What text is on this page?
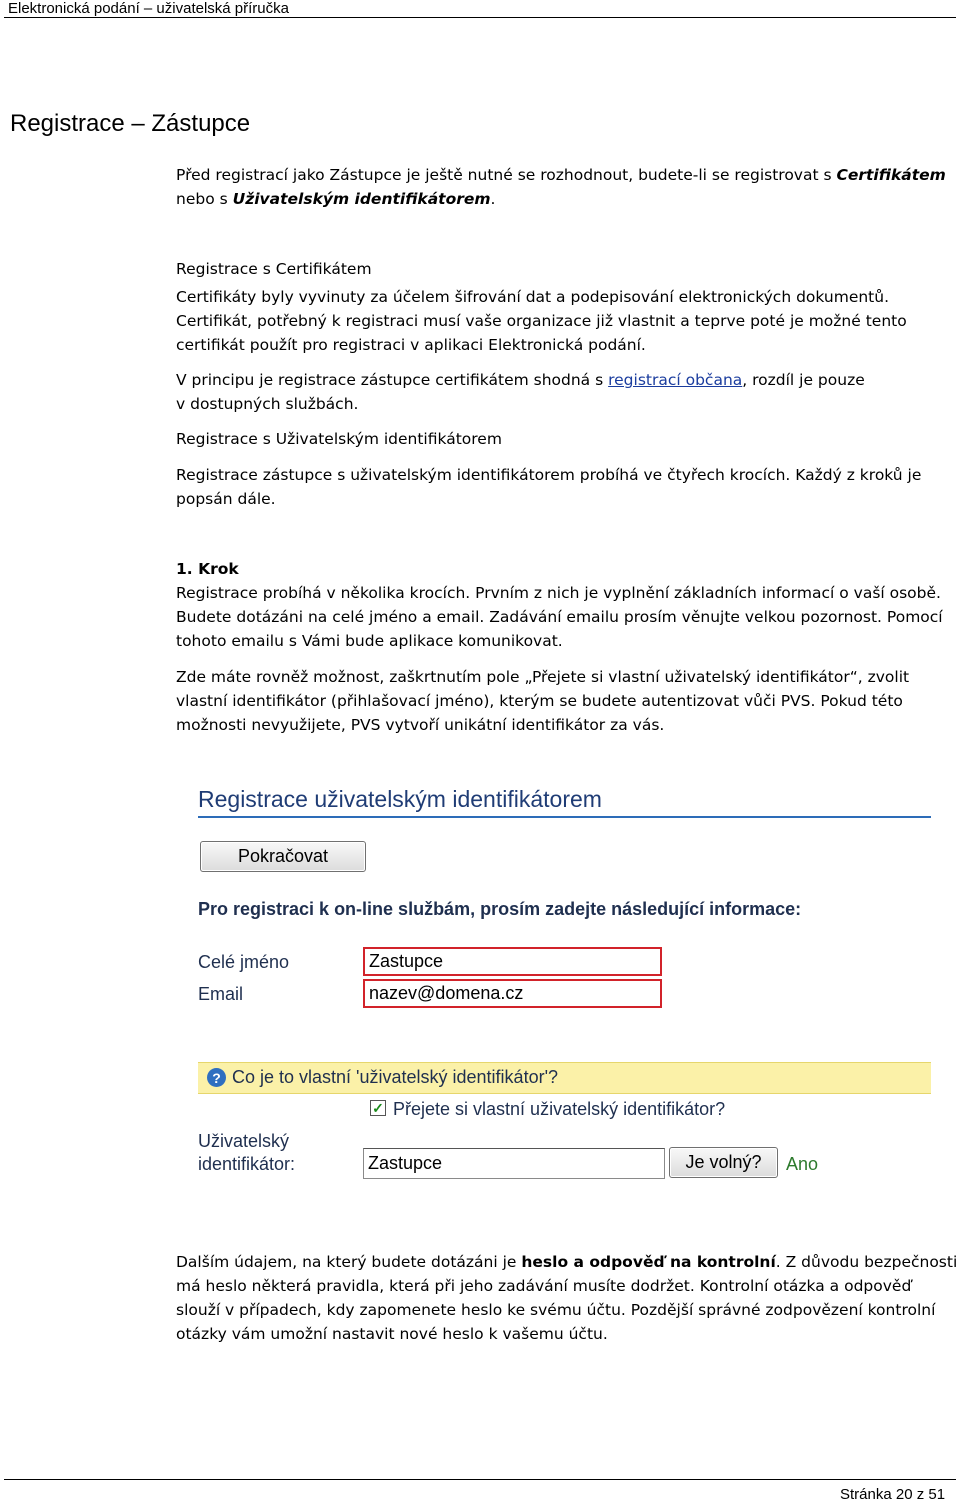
Elektronická podání – uživatelská příručka
Registrace – Zástupce
Před registrací jako Zástupce je ještě nutné se rozhodnout, budete-li se registrovat s Certifikátem
nebo s Uživatelským identifikátorem.
Registrace s Certifikátem
Certifikáty byly vyvinuty za účelem šifrování dat a podepisování elektronických dokumentů.
Certifikát, potřebný k registraci musí vaše organizace již vlastnit a teprve poté je možné tento
certifikát použít pro registraci v aplikaci Elektronická podání.
V principu je registrace zástupce certifikátem shodná s registrací občana, rozdíl je pouze
v dostupných službách.
Registrace s Uživatelským identifikátorem
Registrace zástupce s uživatelským identifikátorem probíhá ve čtyřech krocích. Každý z kroků je
popsán dále.
1. Krok
Registrace probíhá v několika krocích. Prvním z nich je vyplnění základních informací o vaší osobě.
Budete dotázáni na celé jméno a email. Zadávání emailu prosím věnujte velkou pozornost. Pomocí
tohoto emailu s Vámi bude aplikace komunikovat.
Zde máte rovněž možnost, zaškrtnutím pole „Přejete si vlastní uživatelský identifikátor“, zvolit
vlastní identifikátor (přihlašovací jméno), kterým se budete autentizovat vůči PVS. Pokud této
možnosti nevyužijete, PVS vytvoří unikátní identifikátor za vás.
Registrace uživatelským identifikátorem
Pokračovat
Pro registraci k on-line službám, prosím zadejte následující informace:
Celé jméno
Zastupce
Email
nazev@domena.cz
? Co je to vlastní 'uživatelský identifikátor'?
✓ Přejete si vlastní uživatelský identifikátor?
Uživatelský
identifikátor:
Zastupce	Je volný?	Ano
Dalším údajem, na který budete dotázáni je heslo a odpověď na kontrolní. Z důvodu bezpečnosti
má heslo některá pravidla, která při jeho zadávání musíte dodržet. Kontrolní otázka a odpověď
slouží v případech, kdy zapomenete heslo ke svému účtu. Pozdější správné zodpovězení kontrolní
otázky vám umožní nastavit nové heslo k vašemu účtu.
Stránka 20 z 51
